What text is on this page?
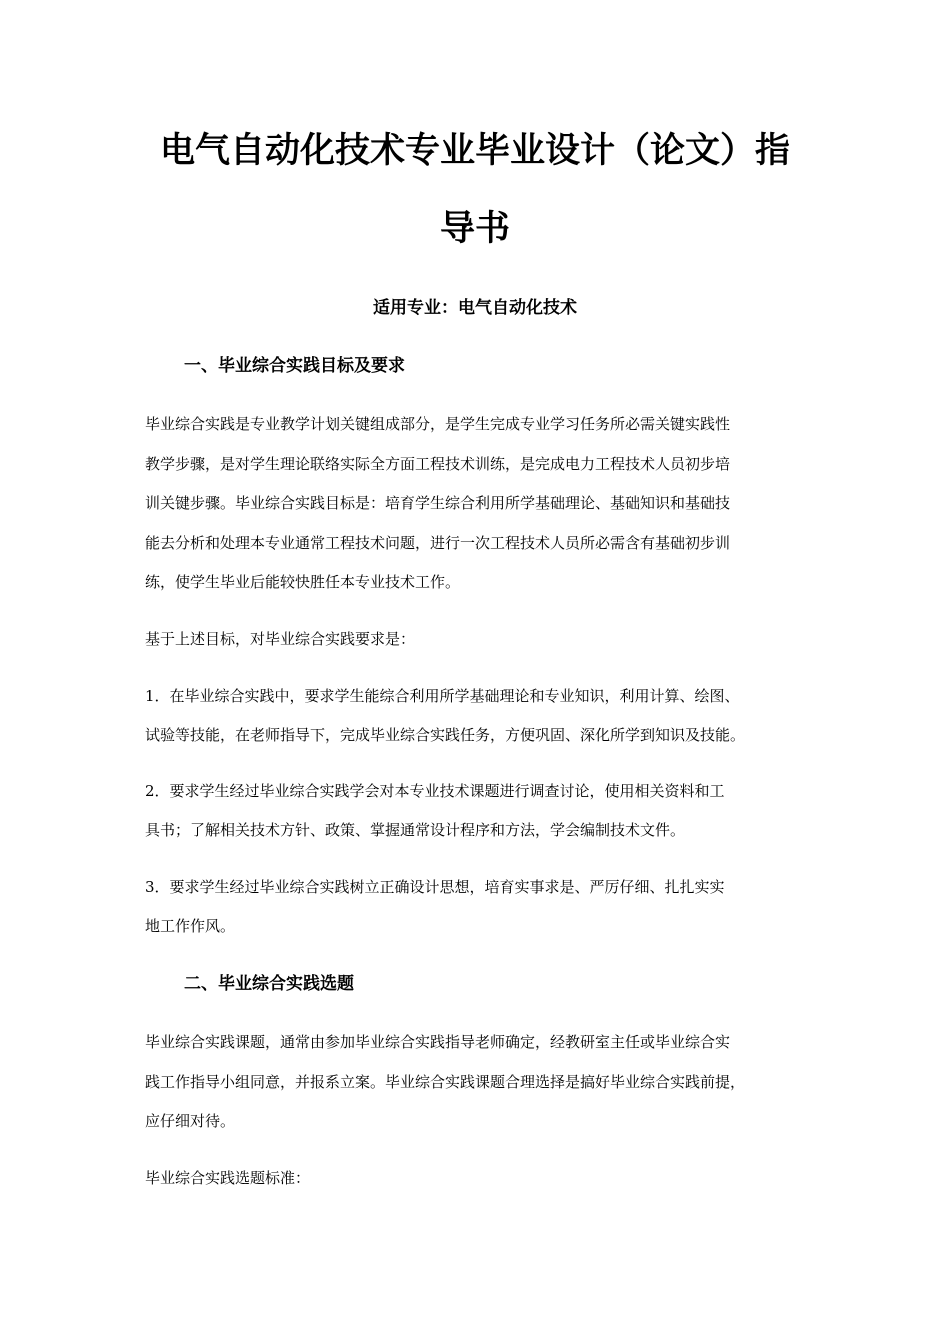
电气自动化技术专业毕业设计（论文）指
导书
适用专业：电气自动化技术
一、毕业综合实践目标及要求
毕业综合实践是专业教学计划关键组成部分，是学生完成专业学习任务所必需关键实践性
教学步骤，是对学生理论联络实际全方面工程技术训练，是完成电力工程技术人员初步培
训关键步骤。毕业综合实践目标是：培育学生综合利用所学基础理论、基础知识和基础技
能去分析和处理本专业通常工程技术问题，进行一次工程技术人员所必需含有基础初步训
练，使学生毕业后能较快胜任本专业技术工作。
基于上述目标，对毕业综合实践要求是：
1．在毕业综合实践中，要求学生能综合利用所学基础理论和专业知识，利用计算、绘图、
试验等技能，在老师指导下，完成毕业综合实践任务，方便巩固、深化所学到知识及技能。
2．要求学生经过毕业综合实践学会对本专业技术课题进行调查讨论，使用相关资料和工
具书；了解相关技术方针、政策、掌握通常设计程序和方法，学会编制技术文件。
3．要求学生经过毕业综合实践树立正确设计思想，培育实事求是、严厉仔细、扎扎实实
地工作作风。
二、毕业综合实践选题
毕业综合实践课题，通常由参加毕业综合实践指导老师确定，经教研室主任或毕业综合实
践工作指导小组同意，并报系立案。毕业综合实践课题合理选择是搞好毕业综合实践前提，
应仔细对待。
毕业综合实践选题标准：
